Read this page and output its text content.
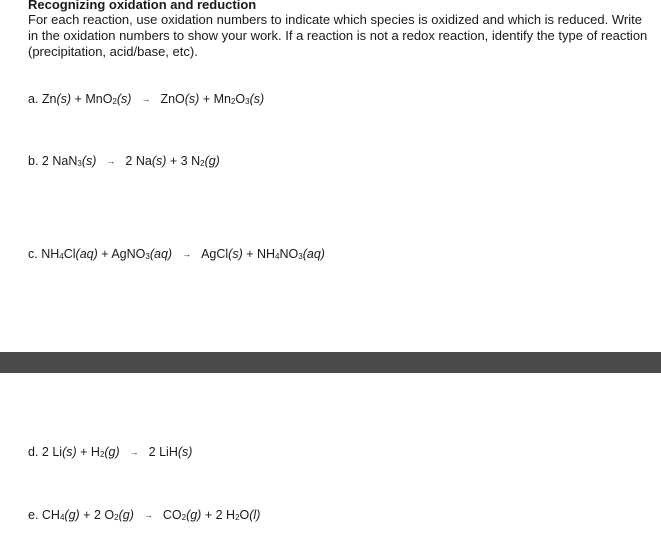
Recognizing oxidation and reduction
For each reaction, use oxidation numbers to indicate which species is oxidized and which is reduced. Write in the oxidation numbers to show your work. If a reaction is not a redox reaction, identify the type of reaction (precipitation, acid/base, etc).
a. $Zn(s) + MnO_2(s) \to ZnO(s) + Mn_2O_3(s)$
b. 2 NaN$_3$(s) → 2 Na(s) + 3 $N_2(g)$
c. $NH_4Cl(aq)$ + AgNO$_3$(aq) → AgCl(s) + $NH_4NO_3(aq)$
d. 2 $Li(s) + H_2(g) \to 2$ LiH(s)
e. $CH_4(g) + 2$ $O_2(g) \to CO_2(g) + 2$ $H_2O(l)$
